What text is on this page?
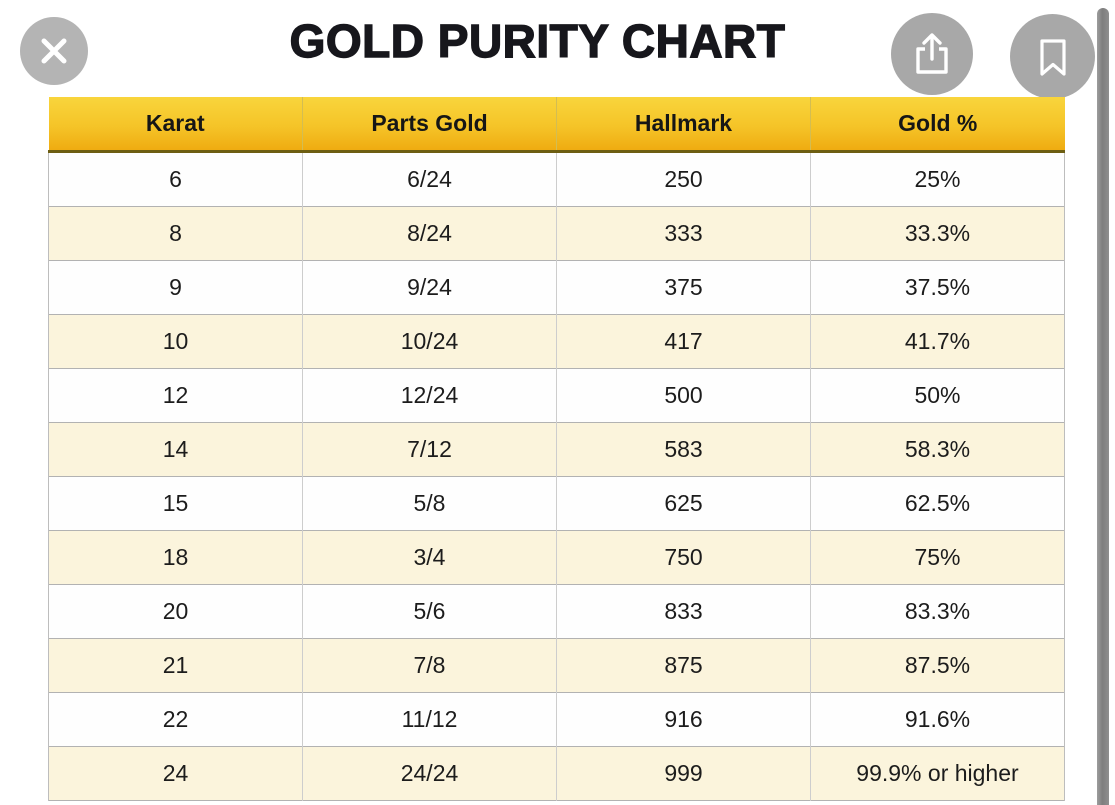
GOLD PURITY CHART
Karat	Parts Gold	Hallmark	Gold %
6	6/24	250	25%
8	8/24	333	33.3%
9	9/24	375	37.5%
10	10/24	417	41.7%
12	12/24	500	50%
14	7/12	583	58.3%
15	5/8	625	62.5%
18	3/4	750	75%
20	5/6	833	83.3%
21	7/8	875	87.5%
22	11/12	916	91.6%
24	24/24	999	99.9% or higher
